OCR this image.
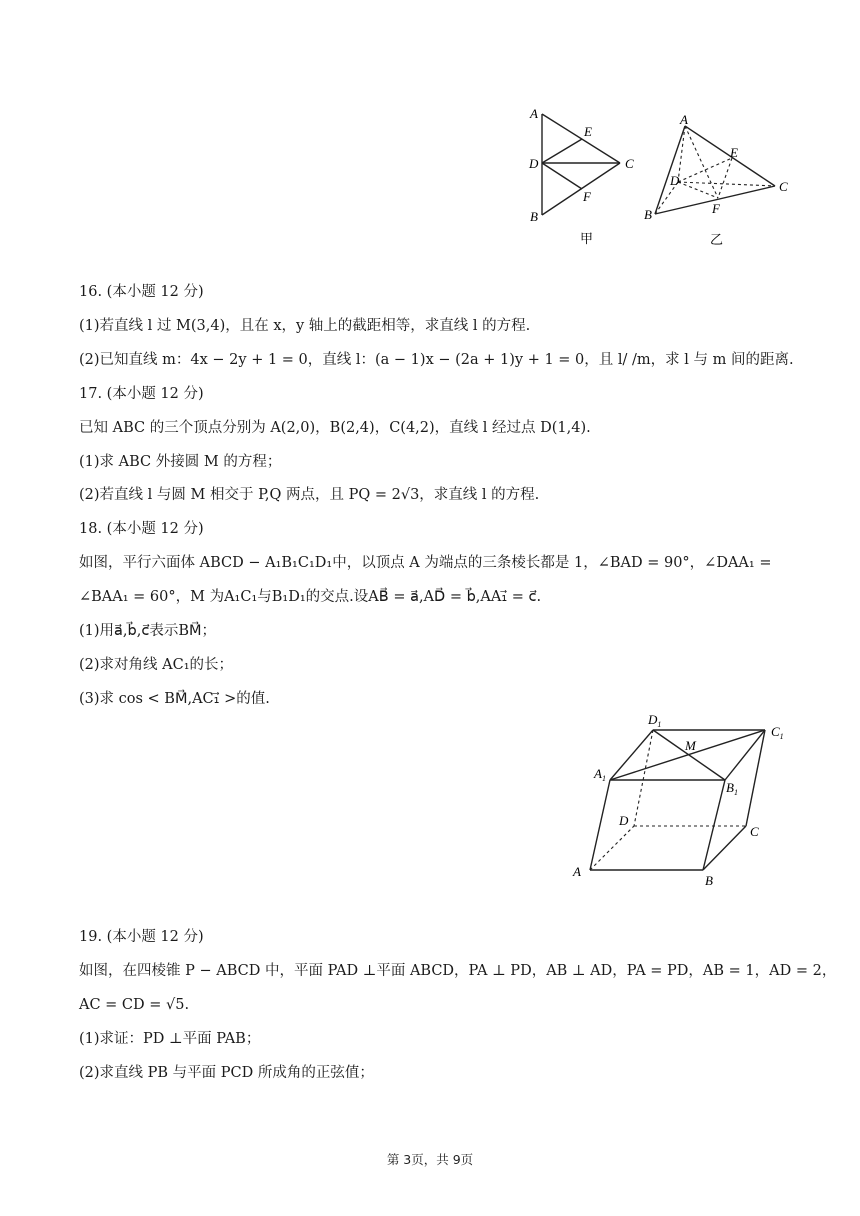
A
E
D	C
F
B
甲
A
E
D	C
F
B
乙
16. (本小题 12 分)
(1)若直线 l 过 M(3,4)，且在 x，y 轴上的截距相等，求直线 l 的方程.
(2)已知直线 m：4x − 2y + 1 = 0，直线 l：(a − 1)x − (2a + 1)y + 1 = 0，且 l/ /m，求 l 与 m 间的距离.
17. (本小题 12 分)
已知 ABC 的三个顶点分别为 A(2,0)，B(2,4)，C(4,2)，直线 l 经过点 D(1,4).
(1)求 ABC 外接圆 M 的方程；
(2)若直线 l 与圆 M 相交于 P,Q 两点，且 PQ = 2√3，求直线 l 的方程.
18. (本小题 12 分)
如图，平行六面体 ABCD − A₁B₁C₁D₁中，以顶点 A 为端点的三条棱长都是 1，∠BAD = 90°，∠DAA₁ =
∠BAA₁ = 60°，M 为A₁C₁与B₁D₁的交点.设AB⃗ = a⃗,AD⃗ = b⃗,AA₁⃗ = c⃗.
(1)用a⃗,b⃗,c⃗表示BM⃗；
(2)求对角线 AC₁的长；
(3)求 cos < BM⃗,AC₁⃗ >的值.
$D_1$	$C_1$
M
$A_1$
$B_1$
D
C
A
B
19. (本小题 12 分)
如图，在四棱锥 P − ABCD 中，平面 PAD ⊥平面 ABCD，PA ⊥ PD，AB ⊥ AD，PA = PD，AB = 1，AD = 2，
AC = CD = √5.
(1)求证：PD ⊥平面 PAB；
(2)求直线 PB 与平面 PCD 所成角的正弦值；
第 3页，共 9页
